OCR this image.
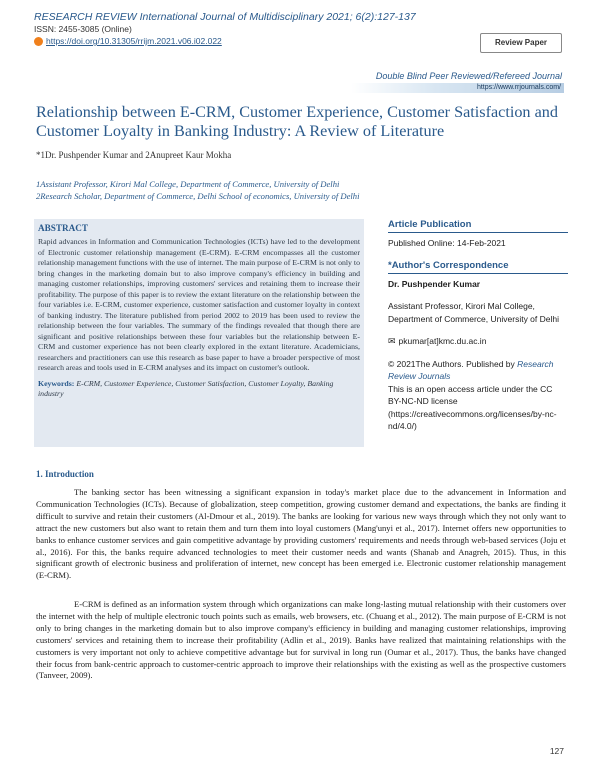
RESEARCH REVIEW International Journal of Multidisciplinary 2021; 6(2):127-137
ISSN: 2455-3085 (Online)
https://doi.org/10.31305/rrijm.2021.v06.i02.022	Review Paper
Double Blind Peer Reviewed/Refereed Journal
https://www.rrjournals.com/
Relationship between E-CRM, Customer Experience, Customer Satisfaction and Customer Loyalty in Banking Industry: A Review of Literature
*1Dr. Pushpender Kumar and 2Anupreet Kaur Mokha
1Assistant Professor, Kirori Mal College, Department of Commerce, University of Delhi
2Research Scholar, Department of Commerce, Delhi School of economics, University of Delhi
ABSTRACT

Rapid advances in Information and Communication Technologies (ICTs) have led to the development of Electronic customer relationship management (E-CRM). E-CRM encompasses all the customer relationship management functions with the use of internet. The main purpose of E-CRM is not only to bring changes in the marketing domain but to also improve company's efficiency in building and managing customer relationships, improving customers' services and retaining them to increase their profitability. The purpose of this paper is to review the extant literature on the relationship between the four variables i.e. E-CRM, customer experience, customer satisfaction and customer loyalty in context of banking industry. The literature published from period 2002 to 2019 has been used to review the relationship between the four variables. The summary of the findings revealed that though there are significant and positive relationships between these four variables but the relationship between E-CRM and customer experience has not been clearly explored in the extant literature. Academicians, researchers and practitioners can use this research as base paper to have a broader perspective of most research areas and tools used in E-CRM analyses and its impact on customer's outlook.

Keywords: E-CRM, Customer Experience, Customer Satisfaction, Customer Loyalty, Banking industry
Article Publication
Published Online: 14-Feb-2021
*Author's Correspondence
Dr. Pushpender Kumar
Assistant Professor, Kirori Mal College, Department of Commerce, University of Delhi
✉ pkumar[at]kmc.du.ac.in
© 2021The Authors. Published by Research Review Journals
This is an open access article under the CC BY-NC-ND license
(https://creativecommons.org/licenses/by-nc-nd/4.0/)
1. Introduction

The banking sector has been witnessing a significant expansion in today's market place due to the advancement in Information and Communication Technologies (ICTs). Because of globalization, steep competition, growing customer demand and expectations, the banks are finding it difficult to survive and retain their customers (Al-Dmour et al., 2019). The banks are looking for various new ways through which they not only want to attract the new customers but also want to retain them and turn them into loyal customers (Mang'unyi et al., 2017). Internet offers new opportunities to banks to enhance customer services and gain competitive advantage by providing customers' requirements and needs through web-based services (Joju et al., 2016). For this, the banks require advanced technologies to meet their customer needs and wants (Shanab and Anagreh, 2015). Thus, in this significant growth of electronic business and proliferation of internet, new concept has been emerged i.e. Electronic customer relationship management (E-CRM).

E-CRM is defined as an information system through which organizations can make long-lasting mutual relationship with their customers over the internet with the help of multiple electronic touch points such as emails, web browsers, etc. (Chuang et al., 2012). The main purpose of E-CRM is not only to bring changes in the marketing domain but to also improve company's efficiency in building and managing customer relationships, improving customers' services and retaining them to increase their profitability (Adlin et al., 2019). Banks have realized that maintaining relationships with the customers is very important not only to achieve competitive advantage but for survival in long run (Oumar et al., 2017). Thus, the banks have changed their focus from bank-centric approach to customer-centric approach to improve their relationships with the existing as well as the prospective customers (Tanveer, 2009).

127
